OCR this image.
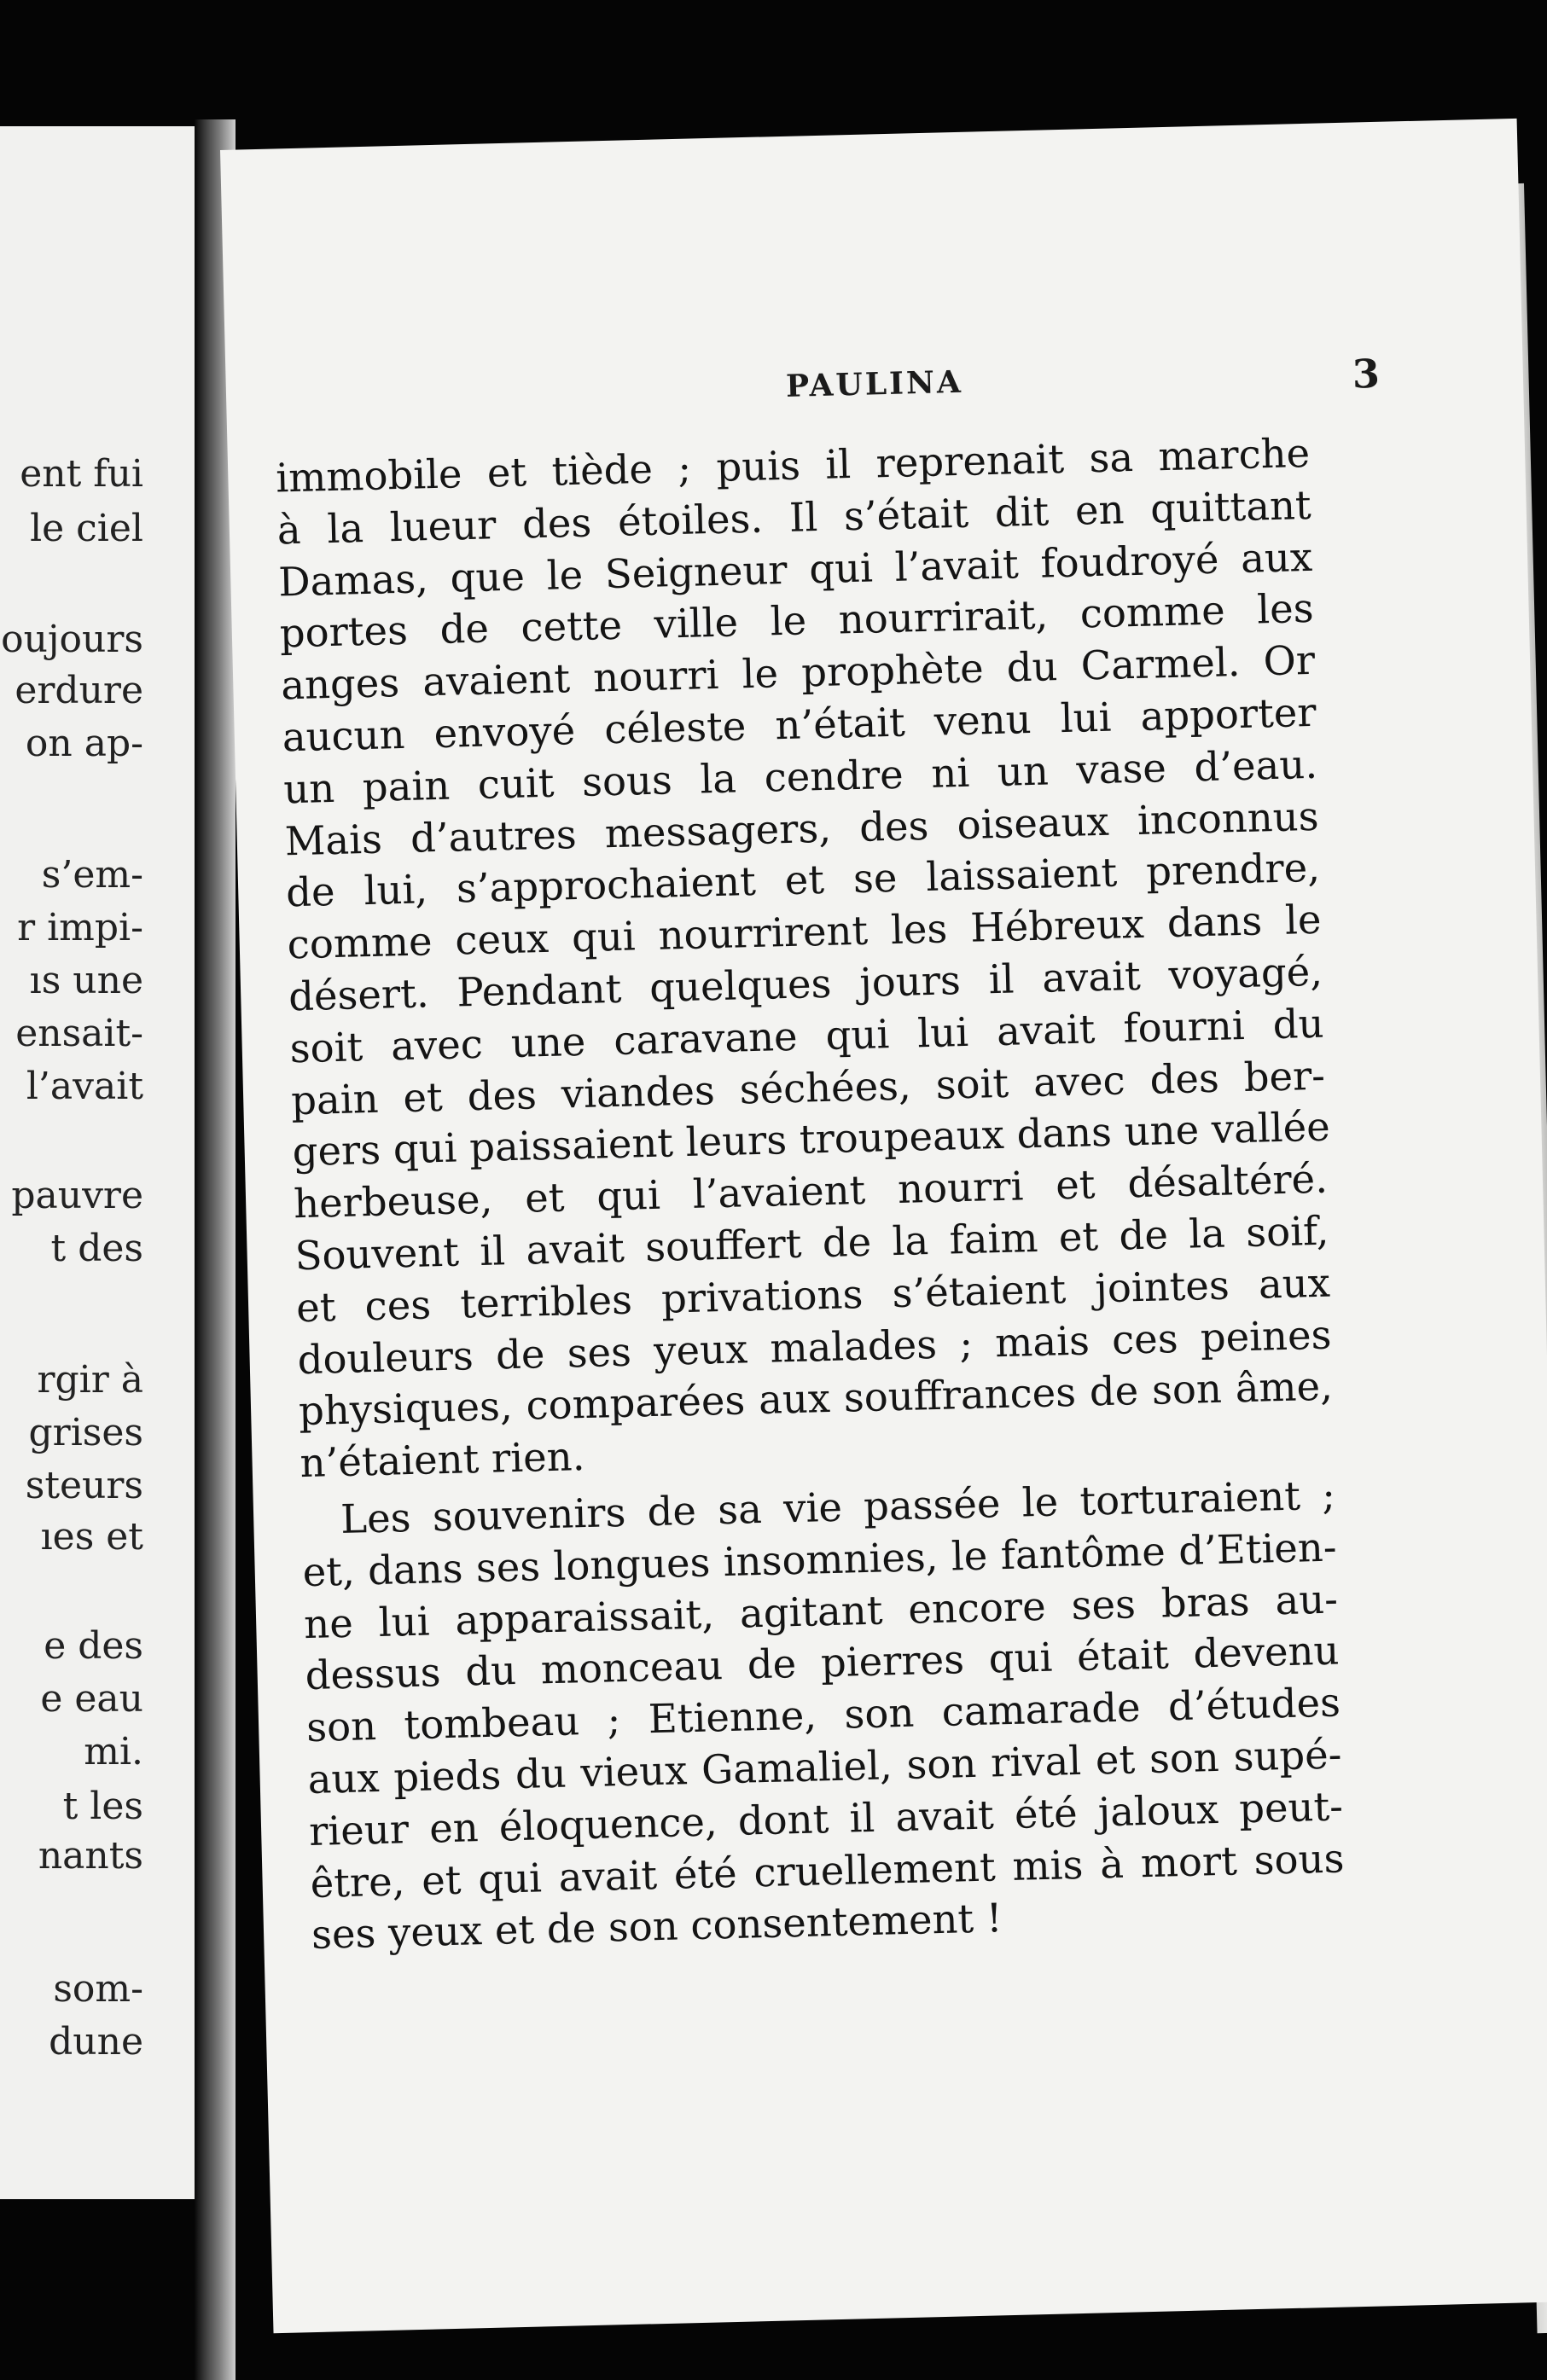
ent fui
le ciel
oujours
erdure
on ap-
s’em-
r impi-
ıs une
ensait-
l’avait
pauvre
t des
rgir à
grises
steurs
ıes et
e des
e eau
mi.
t les
nants
som-
dune
PAULINA	3
immobile et tiède ; puis il reprenait sa marche
à la lueur des étoiles. Il s’était dit en quittant
Damas, que le Seigneur qui l’avait foudroyé aux
portes de cette ville le nourrirait, comme les
anges avaient nourri le prophète du Carmel. Or
aucun envoyé céleste n’était venu lui apporter
un pain cuit sous la cendre ni un vase d’eau.
Mais d’autres messagers, des oiseaux inconnus
de lui, s’approchaient et se laissaient prendre,
comme ceux qui nourrirent les Hébreux dans le
désert. Pendant quelques jours il avait voyagé,
soit avec une caravane qui lui avait fourni du
pain et des viandes séchées, soit avec des ber-
gers qui paissaient leurs troupeaux dans une vallée
herbeuse, et qui l’avaient nourri et désaltéré.
Souvent il avait souffert de la faim et de la soif,
et ces terribles privations s’étaient jointes aux
douleurs de ses yeux malades ; mais ces peines
physiques, comparées aux souffrances de son âme,
n’étaient rien.
Les souvenirs de sa vie passée le torturaient ;
et, dans ses longues insomnies, le fantôme d’Etien-
ne lui apparaissait, agitant encore ses bras au-
dessus du monceau de pierres qui était devenu
son tombeau ; Etienne, son camarade d’études
aux pieds du vieux Gamaliel, son rival et son supé-
rieur en éloquence, dont il avait été jaloux peut-
être, et qui avait été cruellement mis à mort sous
ses yeux et de son consentement !
